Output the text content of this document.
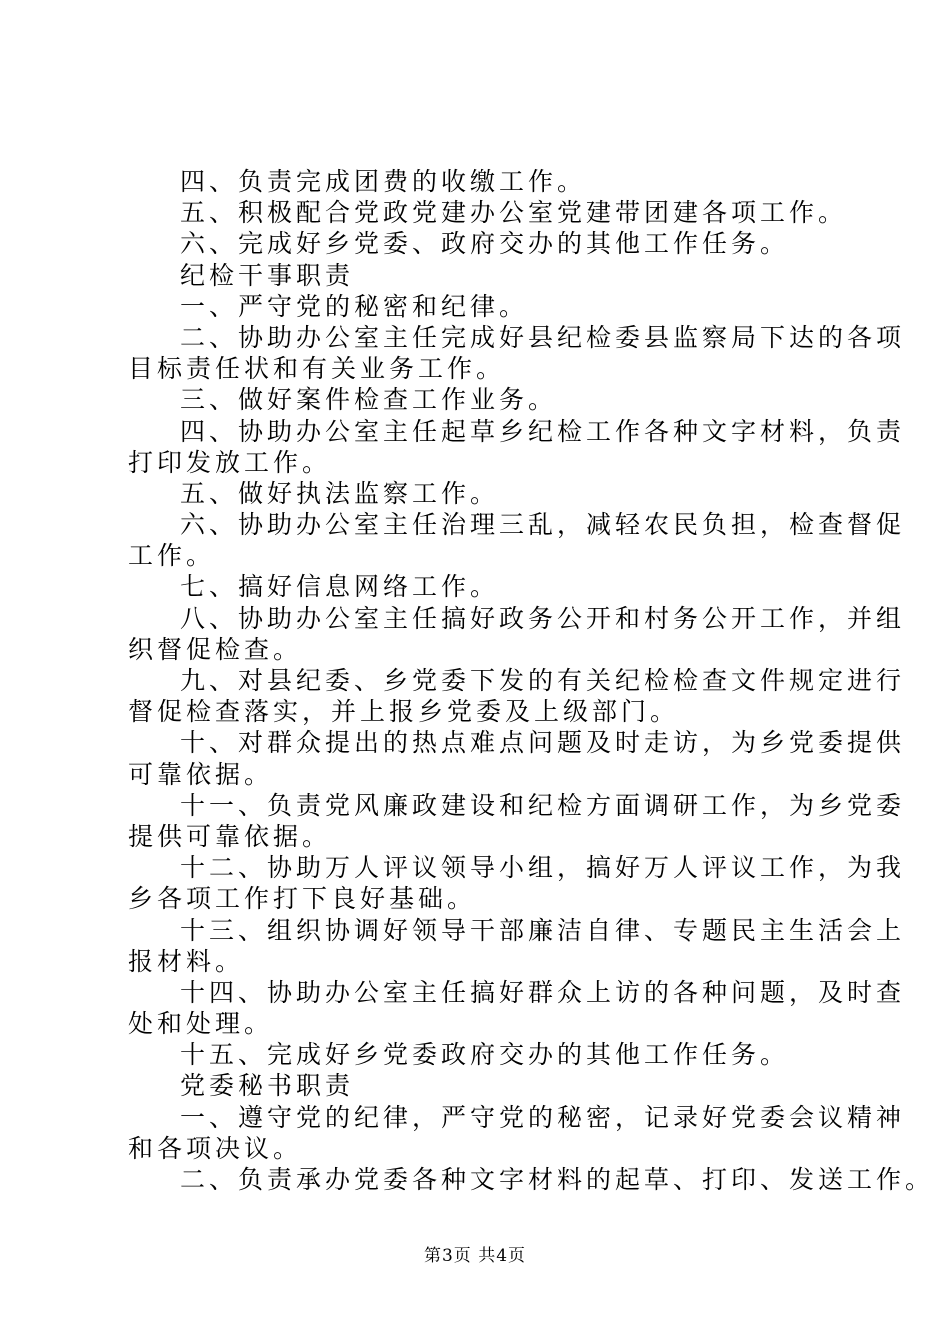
四、负责完成团费的收缴工作。
五、积极配合党政党建办公室党建带团建各项工作。
六、完成好乡党委、政府交办的其他工作任务。
纪检干事职责
一、严守党的秘密和纪律。
二、协助办公室主任完成好县纪检委县监察局下达的各项
目标责任状和有关业务工作。
三、做好案件检查工作业务。
四、协助办公室主任起草乡纪检工作各种文字材料，负责
打印发放工作。
五、做好执法监察工作。
六、协助办公室主任治理三乱，减轻农民负担，检查督促
工作。
七、搞好信息网络工作。
八、协助办公室主任搞好政务公开和村务公开工作，并组
织督促检查。
九、对县纪委、乡党委下发的有关纪检检查文件规定进行
督促检查落实，并上报乡党委及上级部门。
十、对群众提出的热点难点问题及时走访，为乡党委提供
可靠依据。
十一、负责党风廉政建设和纪检方面调研工作，为乡党委
提供可靠依据。
十二、协助万人评议领导小组，搞好万人评议工作，为我
乡各项工作打下良好基础。
十三、组织协调好领导干部廉洁自律、专题民主生活会上
报材料。
十四、协助办公室主任搞好群众上访的各种问题，及时查
处和处理。
十五、完成好乡党委政府交办的其他工作任务。
党委秘书职责
一、遵守党的纪律，严守党的秘密，记录好党委会议精神
和各项决议。
二、负责承办党委各种文字材料的起草、打印、发送工作。
第3页 共4页
